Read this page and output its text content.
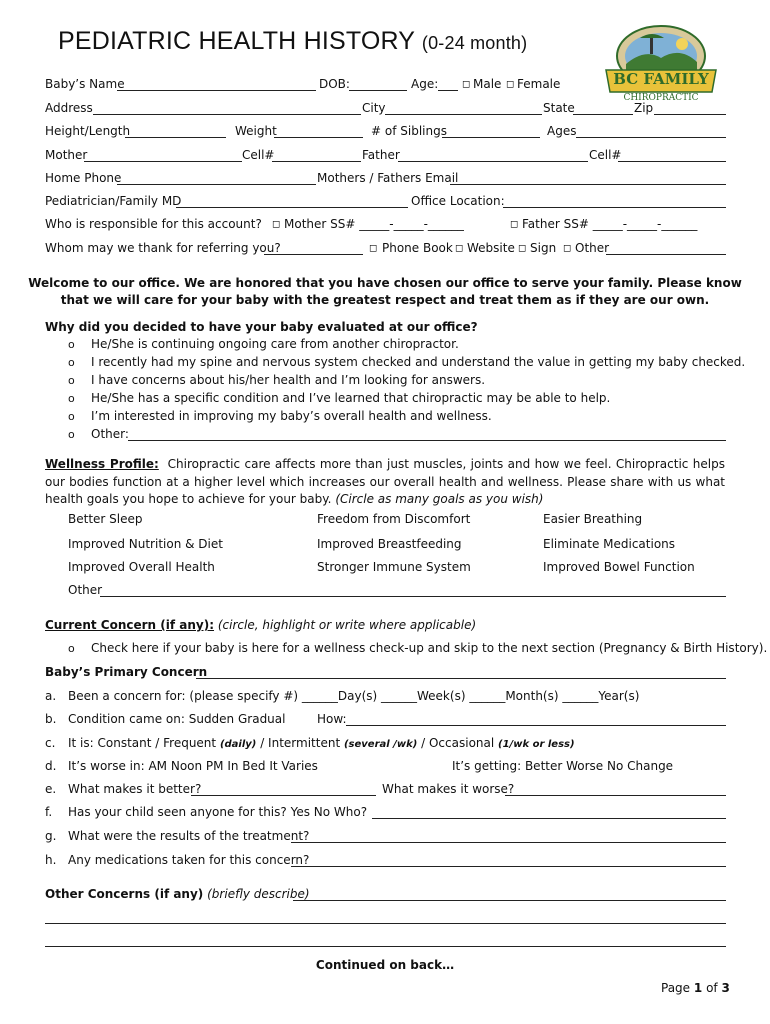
PEDIATRIC HEALTH HISTORY (0-24 month)
BC FAMILY
CHIROPRACTIC
Baby’s Name	DOB:	Age: ◻ Male ◻ Female
Address	City	State	Zip
Height/Length	Weight	# of Siblings	Ages
Mother	Cell#	Father	Cell#
Home Phone	Mothers / Fathers Email
Pediatrician/Family MD	Office Location:
Who is responsible for this account? ◻ Mother SS# _____-_____-______	◻ Father SS# _____-_____-______
Whom may we thank for referring you?	◻ Phone Book ◻ Website ◻ Sign ◻ Other
Welcome to our office. We are honored that you have chosen our office to serve your family. Please know
that we will care for your baby with the greatest respect and treat them as if they are our own.
Why did you decided to have your baby evaluated at our office?
o He/She is continuing ongoing care from another chiropractor.
o I recently had my spine and nervous system checked and understand the value in getting my baby checked.
o I have concerns about his/her health and I’m looking for answers.
o He/She has a specific condition and I’ve learned that chiropractic may be able to help.
o I’m interested in improving my baby’s overall health and wellness.
o Other:
Wellness Profile: Chiropractic care affects more than just muscles, joints and how we feel. Chiropractic helps our bodies function at a higher level which increases our overall health and wellness. Please share with us what health goals you hope to achieve for your baby. (Circle as many goals as you wish)
Better Sleep	Freedom from Discomfort	Easier Breathing
Improved Nutrition & Diet	Improved Breastfeeding	Eliminate Medications
Improved Overall Health	Stronger Immune System	Improved Bowel Function
Other
Current Concern (if any): (circle, highlight or write where applicable)
o Check here if your baby is here for a wellness check-up and skip to the next section (Pregnancy & Birth History).
Baby’s Primary Concern
a. Been a concern for: (please specify #) ______Day(s) ______Week(s) ______Month(s) ______Year(s)
b. Condition came on: Sudden Gradual	How:
c. It is: Constant / Frequent (daily) / Intermittent (several /wk) / Occasional (1/wk or less)
d. It’s worse in: AM Noon PM In Bed It Varies	It’s getting: Better Worse No Change
e. What makes it better?	What makes it worse?
f. Has your child seen anyone for this? Yes No Who?
g. What were the results of the treatment?
h. Any medications taken for this concern?
Other Concerns (if any) (briefly describe)
Continued on back…
Page 1 of 3
